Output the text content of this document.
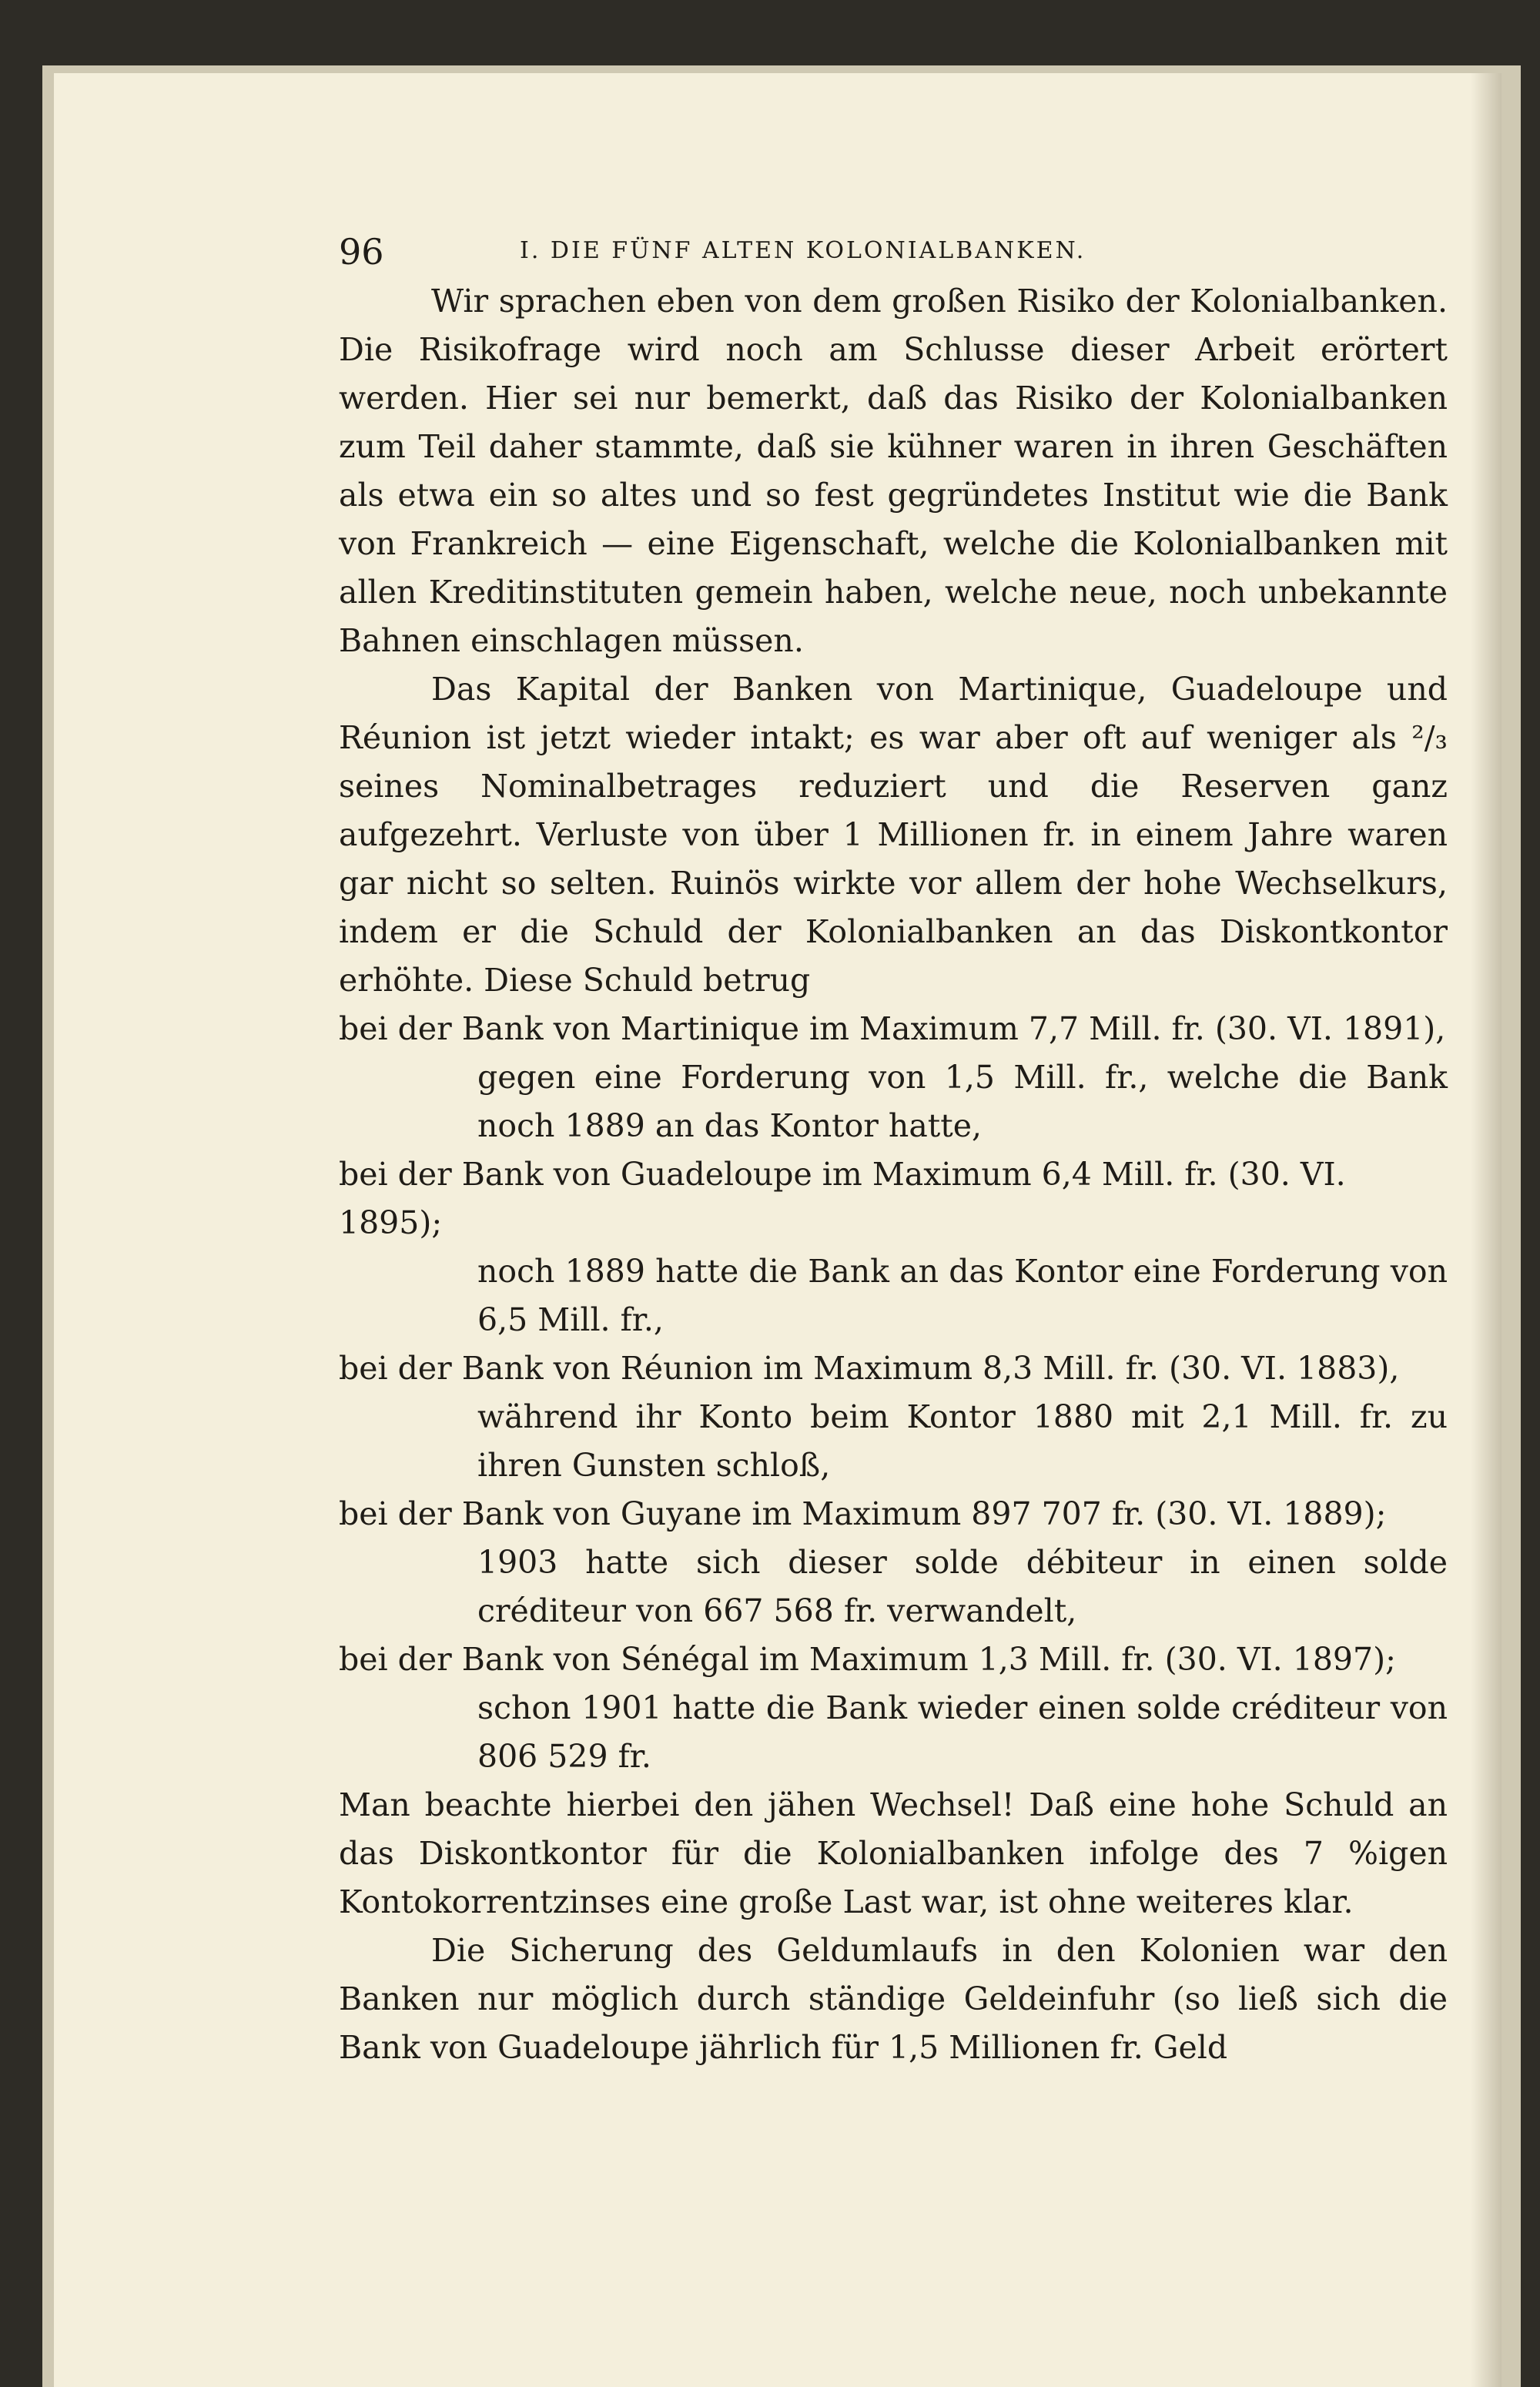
96	I. DIE FÜNF ALTEN KOLONIALBANKEN.

Wir sprachen eben von dem großen Risiko der Kolonialbanken. Die Risikofrage wird noch am Schlusse dieser Arbeit erörtert werden. Hier sei nur bemerkt, daß das Risiko der Kolonialbanken zum Teil daher stammte, daß sie kühner waren in ihren Geschäften als etwa ein so altes und so fest gegründetes Institut wie die Bank von Frankreich — eine Eigenschaft, welche die Kolonialbanken mit allen Kreditinstituten gemein haben, welche neue, noch unbekannte Bahnen einschlagen müssen.

Das Kapital der Banken von Martinique, Guadeloupe und Réunion ist jetzt wieder intakt; es war aber oft auf weniger als ²/₃ seines Nominalbetrages reduziert und die Reserven ganz aufgezehrt. Verluste von über 1 Millionen fr. in einem Jahre waren gar nicht so selten. Ruinös wirkte vor allem der hohe Wechselkurs, indem er die Schuld der Kolonialbanken an das Diskontkontor erhöhte. Diese Schuld betrug

bei der Bank von Martinique im Maximum 7,7 Mill. fr. (30. VI. 1891),

gegen eine Forderung von 1,5 Mill. fr., welche die Bank noch 1889 an das Kontor hatte,

bei der Bank von Guadeloupe im Maximum 6,4 Mill. fr. (30. VI. 1895);

noch 1889 hatte die Bank an das Kontor eine Forderung von 6,5 Mill. fr.,

bei der Bank von Réunion im Maximum 8,3 Mill. fr. (30. VI. 1883),

während ihr Konto beim Kontor 1880 mit 2,1 Mill. fr. zu ihren Gunsten schloß,

bei der Bank von Guyane im Maximum 897 707 fr. (30. VI. 1889);

1903 hatte sich dieser solde débiteur in einen solde créditeur von 667 568 fr. verwandelt,

bei der Bank von Sénégal im Maximum 1,3 Mill. fr. (30. VI. 1897);

schon 1901 hatte die Bank wieder einen solde créditeur von 806 529 fr.

Man beachte hierbei den jähen Wechsel! Daß eine hohe Schuld an das Diskontkontor für die Kolonialbanken infolge des 7 %igen Kontokorrentzinses eine große Last war, ist ohne weiteres klar.

Die Sicherung des Geldumlaufs in den Kolonien war den Banken nur möglich durch ständige Geldeinfuhr (so ließ sich die Bank von Guadeloupe jährlich für 1,5 Millionen fr. Geld
